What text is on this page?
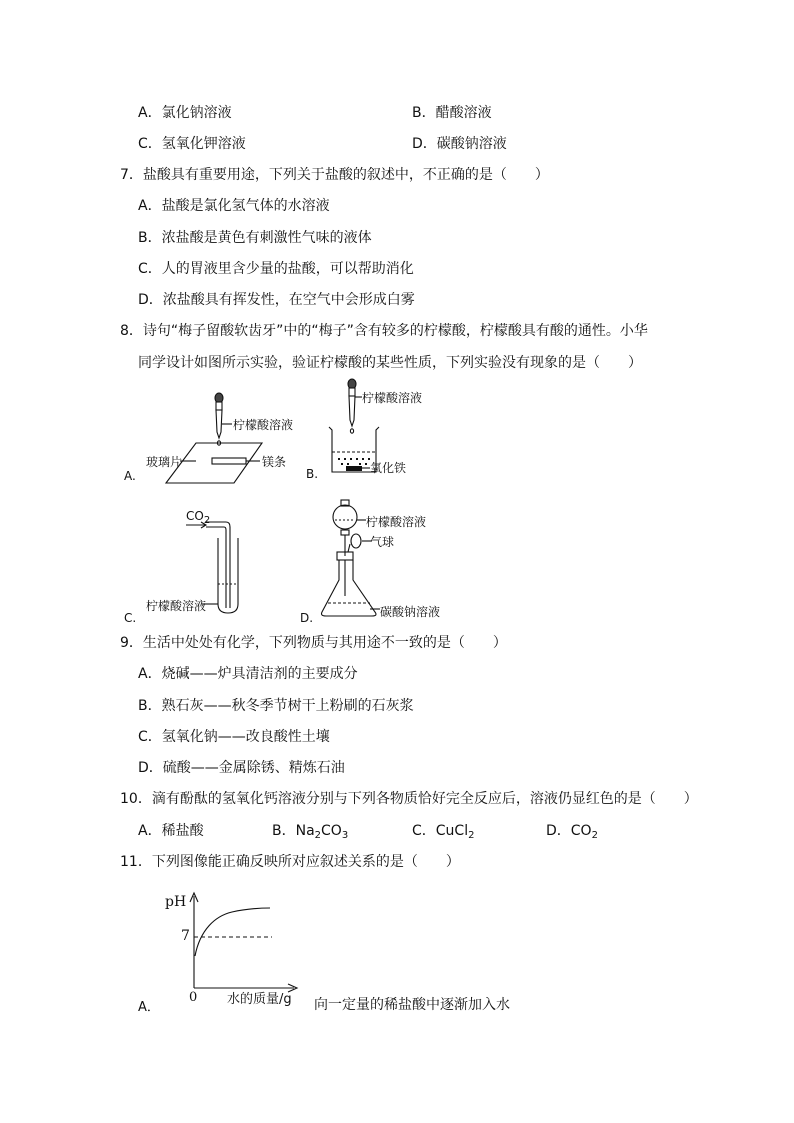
A．氯化钠溶液	B．醋酸溶液
C．氢氧化钾溶液	D．碳酸钠溶液
7．盐酸具有重要用途，下列关于盐酸的叙述中，不正确的是（　　）
A．盐酸是氯化氢气体的水溶液
B．浓盐酸是黄色有刺激性气味的液体
C．人的胃液里含少量的盐酸，可以帮助消化
D．浓盐酸具有挥发性，在空气中会形成白雾
8．诗句“梅子留酸软齿牙”中的“梅子”含有较多的柠檬酸，柠檬酸具有酸的通性。小华
同学设计如图所示实验，验证柠檬酸的某些性质，下列实验没有现象的是（　　）
柠檬酸溶液
玻璃片	镁条
A.
柠檬酸溶液
氧化铁
B.
$CO_2$
柠檬酸溶液
C.
柠檬酸溶液
气球
碳酸钠溶液
D.
9．生活中处处有化学，下列物质与其用途不一致的是（　　）
A．烧碱——炉具清洁剂的主要成分
B．熟石灰——秋冬季节树干上粉刷的石灰浆
C．氢氧化钠——改良酸性土壤
D．硫酸——金属除锈、精炼石油
10．滴有酚酞的氢氧化钙溶液分别与下列各物质恰好完全反应后，溶液仍显红色的是（　　）
A．稀盐酸	B．$Na_2CO_3$	C．CuCl$_2$	D．$CO_2$
11．下列图像能正确反映所对应叙述关系的是（　　）
pH
7
0 水的质量/g
A．	向一定量的稀盐酸中逐渐加入水
